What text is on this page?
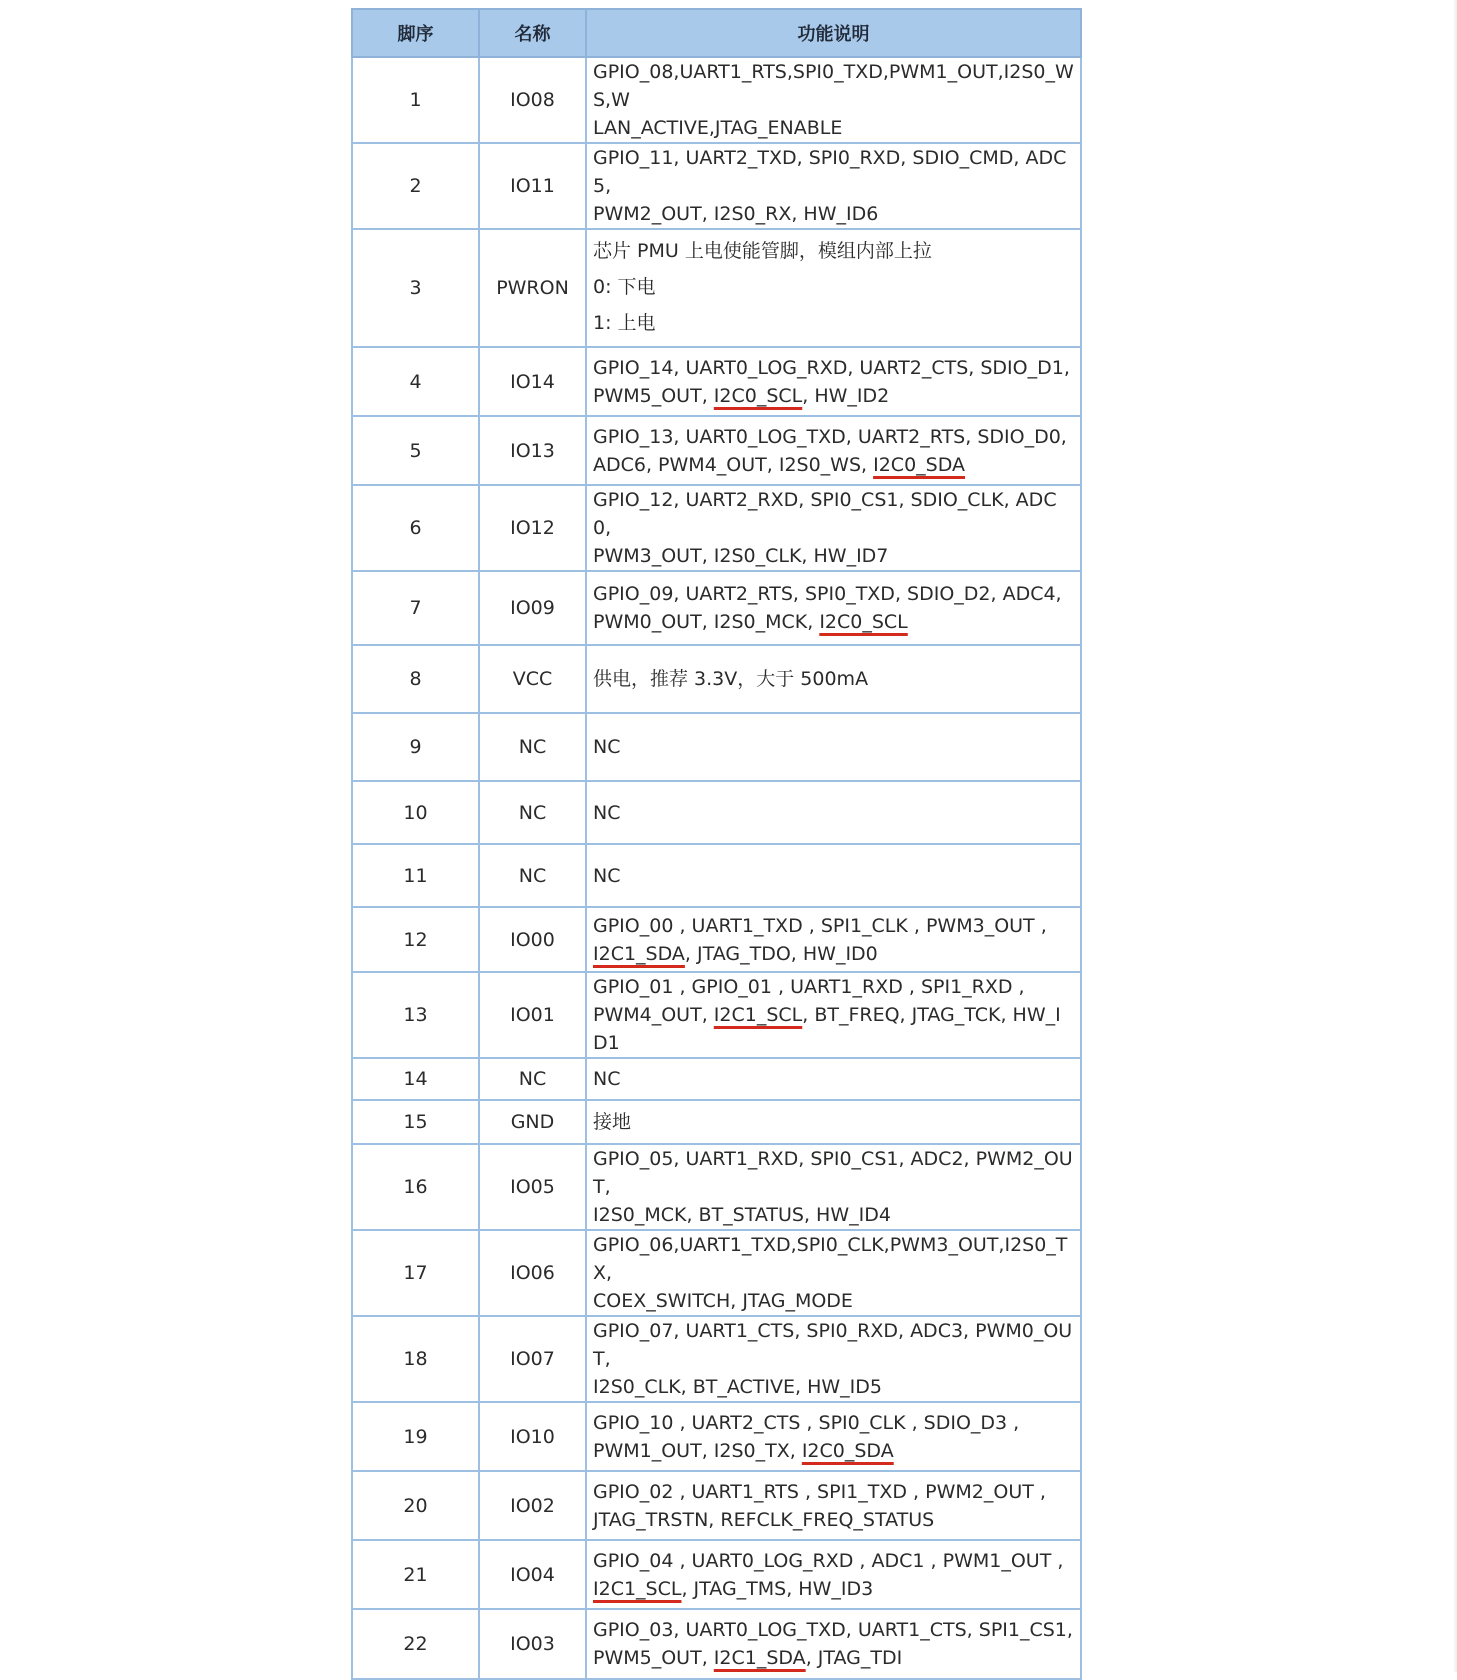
脚序	名称	功能说明
1	IO08	GPIO_08,UART1_RTS,SPI0_TXD,PWM1_OUT,I2S0_WS,W
LAN_ACTIVE,JTAG_ENABLE

2	IO11	GPIO_11, UART2_TXD, SPI0_RXD, SDIO_CMD, ADC5,
PWM2_OUT, I2S0_RX, HW_ID6

3	PWRON	芯片 PMU 上电使能管脚，模组内部上拉
0: 下电
1: 上电

4	IO14	GPIO_14, UART0_LOG_RXD, UART2_CTS, SDIO_D1,
PWM5_OUT, I2C0_SCL, HW_ID2

5	IO13	GPIO_13, UART0_LOG_TXD, UART2_RTS, SDIO_D0,
ADC6, PWM4_OUT, I2S0_WS, I2C0_SDA

6	IO12	GPIO_12, UART2_RXD, SPI0_CS1, SDIO_CLK, ADC0,
PWM3_OUT, I2S0_CLK, HW_ID7

7	IO09	GPIO_09, UART2_RTS, SPI0_TXD, SDIO_D2, ADC4,
PWM0_OUT, I2S0_MCK, I2C0_SCL

8	VCC	供电，推荐 3.3V，大于 500mA

9	NC	NC

10	NC	NC

11	NC	NC

12	IO00	GPIO_00 , UART1_TXD , SPI1_CLK , PWM3_OUT ,
I2C1_SDA, JTAG_TDO, HW_ID0

13	IO01	GPIO_01 , GPIO_01 , UART1_RXD , SPI1_RXD ,
PWM4_OUT, I2C1_SCL, BT_FREQ, JTAG_TCK, HW_ID1

14	NC	NC

15	GND	接地

16	IO05	GPIO_05, UART1_RXD, SPI0_CS1, ADC2, PWM2_OUT,
I2S0_MCK, BT_STATUS, HW_ID4

17	IO06	GPIO_06,UART1_TXD,SPI0_CLK,PWM3_OUT,I2S0_TX,
COEX_SWITCH, JTAG_MODE

18	IO07	GPIO_07, UART1_CTS, SPI0_RXD, ADC3, PWM0_OUT,
I2S0_CLK, BT_ACTIVE, HW_ID5

19	IO10	GPIO_10 , UART2_CTS , SPI0_CLK , SDIO_D3 ,
PWM1_OUT, I2S0_TX, I2C0_SDA

20	IO02	GPIO_02 , UART1_RTS , SPI1_TXD , PWM2_OUT ,
JTAG_TRSTN, REFCLK_FREQ_STATUS

21	IO04	GPIO_04 , UART0_LOG_RXD , ADC1 , PWM1_OUT ,
I2C1_SCL, JTAG_TMS, HW_ID3

22	IO03	GPIO_03, UART0_LOG_TXD, UART1_CTS, SPI1_CS1,
PWM5_OUT, I2C1_SDA, JTAG_TDI
